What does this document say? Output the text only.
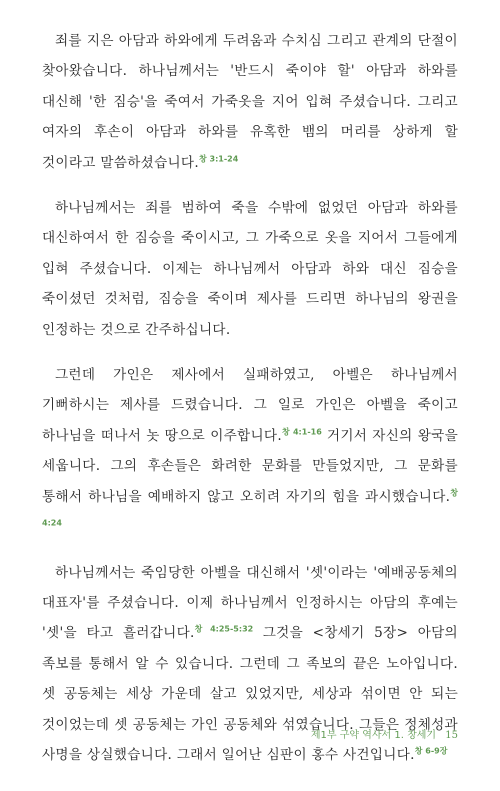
죄를 지은 아담과 하와에게 두려움과 수치심 그리고 관계의 단절이 찾아왔습니다. 하나님께서는 '반드시 죽이야 할' 아담과 하와를 대신해 '한 짐승'을 죽여서 가죽옷을 지어 입혀 주셨습니다. 그리고 여자의 후손이 아담과 하와를 유혹한 뱀의 머리를 상하게 할 것이라고 말씀하셨습니다.$^{창 3:1-24}$

하나님께서는 죄를 범하여 죽을 수밖에 없었던 아담과 하와를 대신하여서 한 짐승을 죽이시고, 그 가죽으로 옷을 지어서 그들에게 입혀 주셨습니다. 이제는 하나님께서 아담과 하와 대신 짐승을 죽이셨던 것처럼, 짐승을 죽이며 제사를 드리면 하나님의 왕권을 인정하는 것으로 간주하십니다.

그런데 가인은 제사에서 실패하였고, 아벨은 하나님께서 기뻐하시는 제사를 드렸습니다. 그 일로 가인은 아벨을 죽이고 하나님을 떠나서 놋 땅으로 이주합니다.$^{창 4:1-16}$ 거기서 자신의 왕국을 세웁니다. 그의 후손들은 화려한 문화를 만들었지만, 그 문화를 통해서 하나님을 예배하지 않고 오히려 자기의 힘을 과시했습니다.$^{창 4:24}$

하나님께서는 죽임당한 아벨을 대신해서 '셋'이라는 '예배공동체의 대표자'를 주셨습니다. 이제 하나님께서 인정하시는 아담의 후예는 '셋'을 타고 흘러갑니다.$^{창 4:25-5:32}$ 그것을 <창세기 5장> 아담의 족보를 통해서 알 수 있습니다. 그런데 그 족보의 끝은 노아입니다. 셋 공동체는 세상 가운데 살고 있었지만, 세상과 섞이면 안 되는 것이었는데 셋 공동체는 가인 공동체와 섞였습니다. 그들은 정체성과 사명을 상실했습니다. 그래서 일어난 심판이 홍수 사건입니다.$^{창 6-9장}$

제1부 구약 역사서 1. 창세기 15
